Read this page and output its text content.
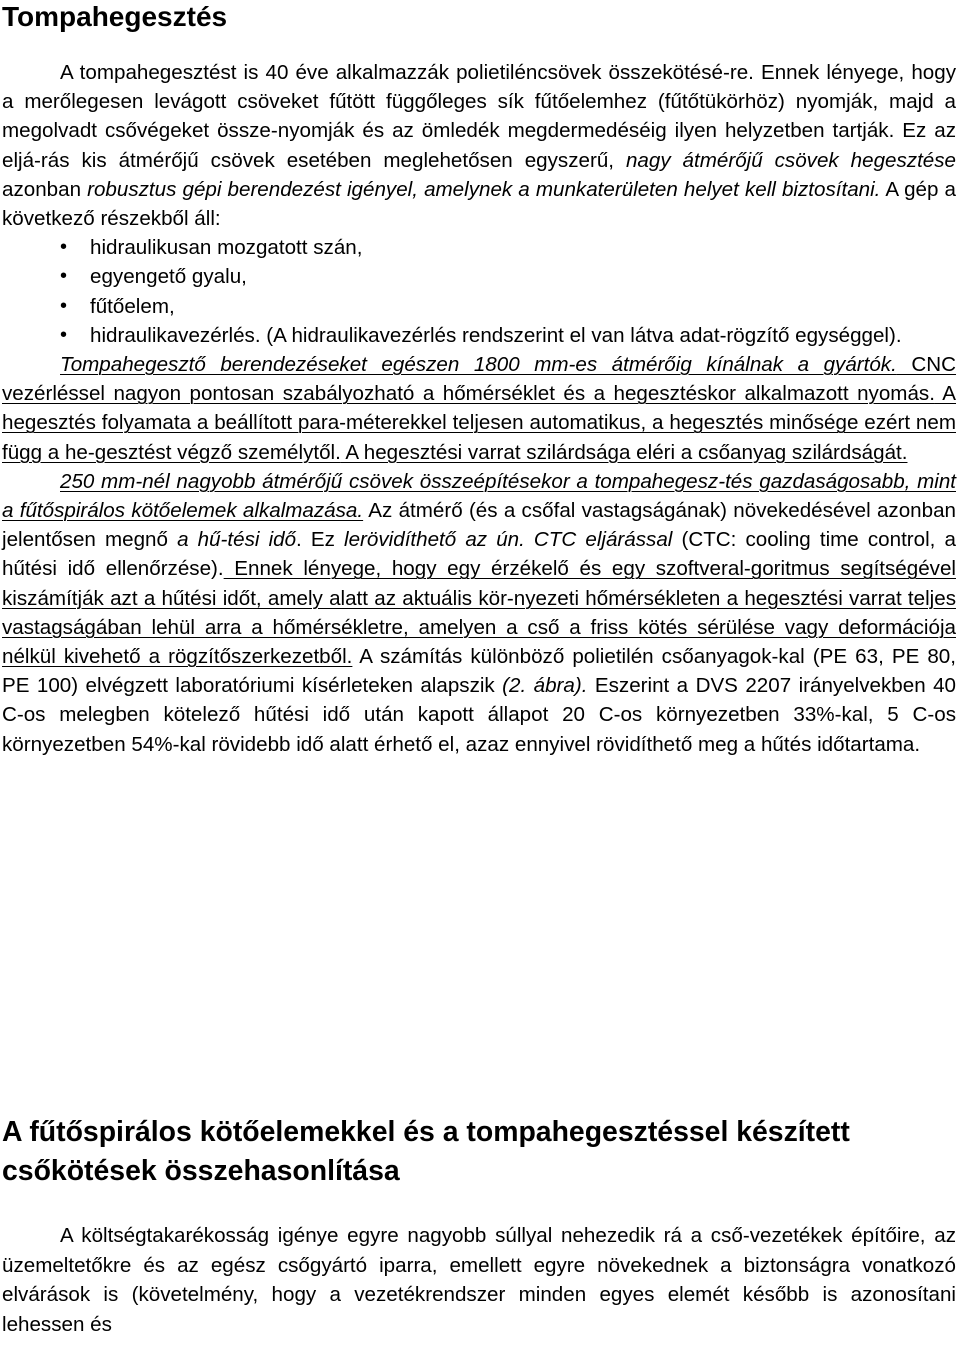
Tompahegesztés
A tompahegesztést is 40 éve alkalmazzák polietiléncsövek összekötésé-re. Ennek lényege, hogy a merőlegesen levágott csöveket fűtött függőleges sík fűtőelemhez (fűtőtükörhöz) nyomják, majd a megolvadt csővégeket össze-nyomják és az ömledék megdermedéséig ilyen helyzetben tartják. Ez az eljá-rás kis átmérőjű csövek esetében meglehetősen egyszerű, nagy átmérőjű csövek hegesztése azonban robusztus gépi berendezést igényel, amelynek a munkaterületen helyet kell biztosítani. A gép a következő részekből áll:
• hidraulikusan mozgatott szán,
• egyengető gyalu,
• fűtőelem,
• hidraulikavezérlés. (A hidraulikavezérlés rendszerint el van látva adat-rögzítő egységgel).
Tompahegesztő berendezéseket egészen 1800 mm-es átmérőig kínálnak a gyártók. CNC vezérléssel nagyon pontosan szabályozható a hőmérséklet és a hegesztéskor alkalmazott nyomás. A hegesztés folyamata a beállított para-méterekkel teljesen automatikus, a hegesztés minősége ezért nem függ a he-gesztést végző személytől. A hegesztési varrat szilárdsága eléri a csőanyag szilárdságát.
250 mm-nél nagyobb átmérőjű csövek összeépítésekor a tompahegesz-tés gazdaságosabb, mint a fűtőspirálos kötőelemek alkalmazása. Az átmérő (és a csőfal vastagságának) növekedésével azonban jelentősen megnő a hű-tési idő. Ez lerövidíthető az ún. CTC eljárással (CTC: cooling time control, a hűtési idő ellenőrzése). Ennek lényege, hogy egy érzékelő és egy szoftveral-goritmus segítségével kiszámítják azt a hűtési időt, amely alatt az aktuális kör-nyezeti hőmérsékleten a hegesztési varrat teljes vastagságában lehül arra a hőmérsékletre, amelyen a cső a friss kötés sérülése vagy deformációja nélkül kivehető a rögzítőszerkezetből. A számítás különböző polietilén csőanyagok-kal (PE 63, PE 80, PE 100) elvégzett laboratóriumi kísérleteken alapszik (2. ábra). Eszerint a DVS 2207 irányelvekben 40 C-os melegben kötelező hűtési idő után kapott állapot 20 C-os környezetben 33%-kal, 5 C-os környezetben 54%-kal rövidebb idő alatt érhető el, azaz ennyivel rövidíthető meg a hűtés időtartama.
A fűtőspirálos kötőelemekkel és a tompahegesztéssel készített csőkötések összehasonlítása
A költségtakarékosság igénye egyre nagyobb súllyal nehezedik rá a cső-vezetékek építőire, az üzemeltetőkre és az egész csőgyártó iparra, emellett egyre növekednek a biztonságra vonatkozó elvárások is (követelmény, hogy a vezetékrendszer minden egyes elemét később is azonosítani lehessen és
